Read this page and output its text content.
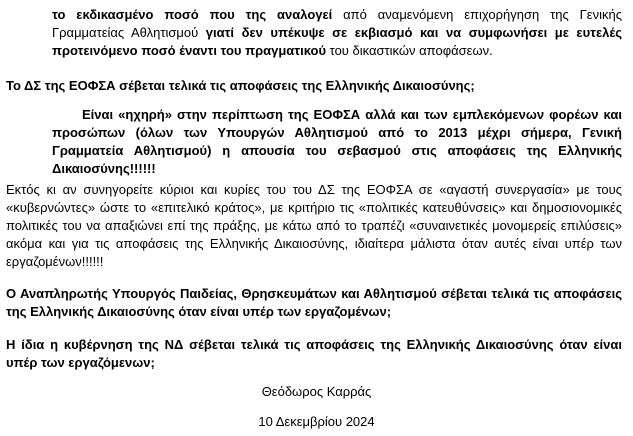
το εκδικασμένο ποσό που της αναλογεί από αναμενόμενη επιχορήγηση της Γενικής Γραμματείας Αθλητισμού γιατί δεν υπέκυψε σε εκβιασμό και να συμφωνήσει με ευτελές προτεινόμενο ποσό έναντι του πραγματικού του δικαστικών αποφάσεων.

Το ΔΣ της ΕΟΦΣΑ σέβεται τελικά τις αποφάσεις της Ελληνικής Δικαιοσύνης;

Είναι «ηχηρή» στην περίπτωση της ΕΟΦΣΑ αλλά και των εμπλεκόμενων φορέων και προσώπων (όλων των Υπουργών Αθλητισμού από το 2013 μέχρι σήμερα, Γενική Γραμματεία Αθλητισμού) η απουσία του σεβασμού στις αποφάσεις της Ελληνικής Δικαιοσύνης!!!!!!

Εκτός κι αν συνηγορείτε κύριοι και κυρίες του του ΔΣ της ΕΟΦΣΑ σε «αγαστή συνεργασία» με τους «κυβερνώντες» ώστε το «επιτελικό κράτος», με κριτήριο τις «πολιτικές κατευθύνσεις» και δημοσιονομικές πολιτικές του να απαξιώνει επί της πράξης, με κάτω από το τραπέζι «συναινετικές μονομερείς επιλύσεις» ακόμα και για τις αποφάσεις της Ελληνικής Δικαιοσύνης, ιδιαίτερα μάλιστα όταν αυτές είναι υπέρ των εργαζομένων!!!!!!

Ο Αναπληρωτής Υπουργός Παιδείας, Θρησκευμάτων και Αθλητισμού σέβεται τελικά τις αποφάσεις της Ελληνικής Δικαιοσύνης όταν είναι υπέρ των εργαζομένων;

Η ίδια η κυβέρνηση της ΝΔ σέβεται τελικά τις αποφάσεις της Ελληνικής Δικαιοσύνης όταν είναι υπέρ των εργαζόμενων;

Θεόδωρος Καρράς
10 Δεκεμβρίου 2024
